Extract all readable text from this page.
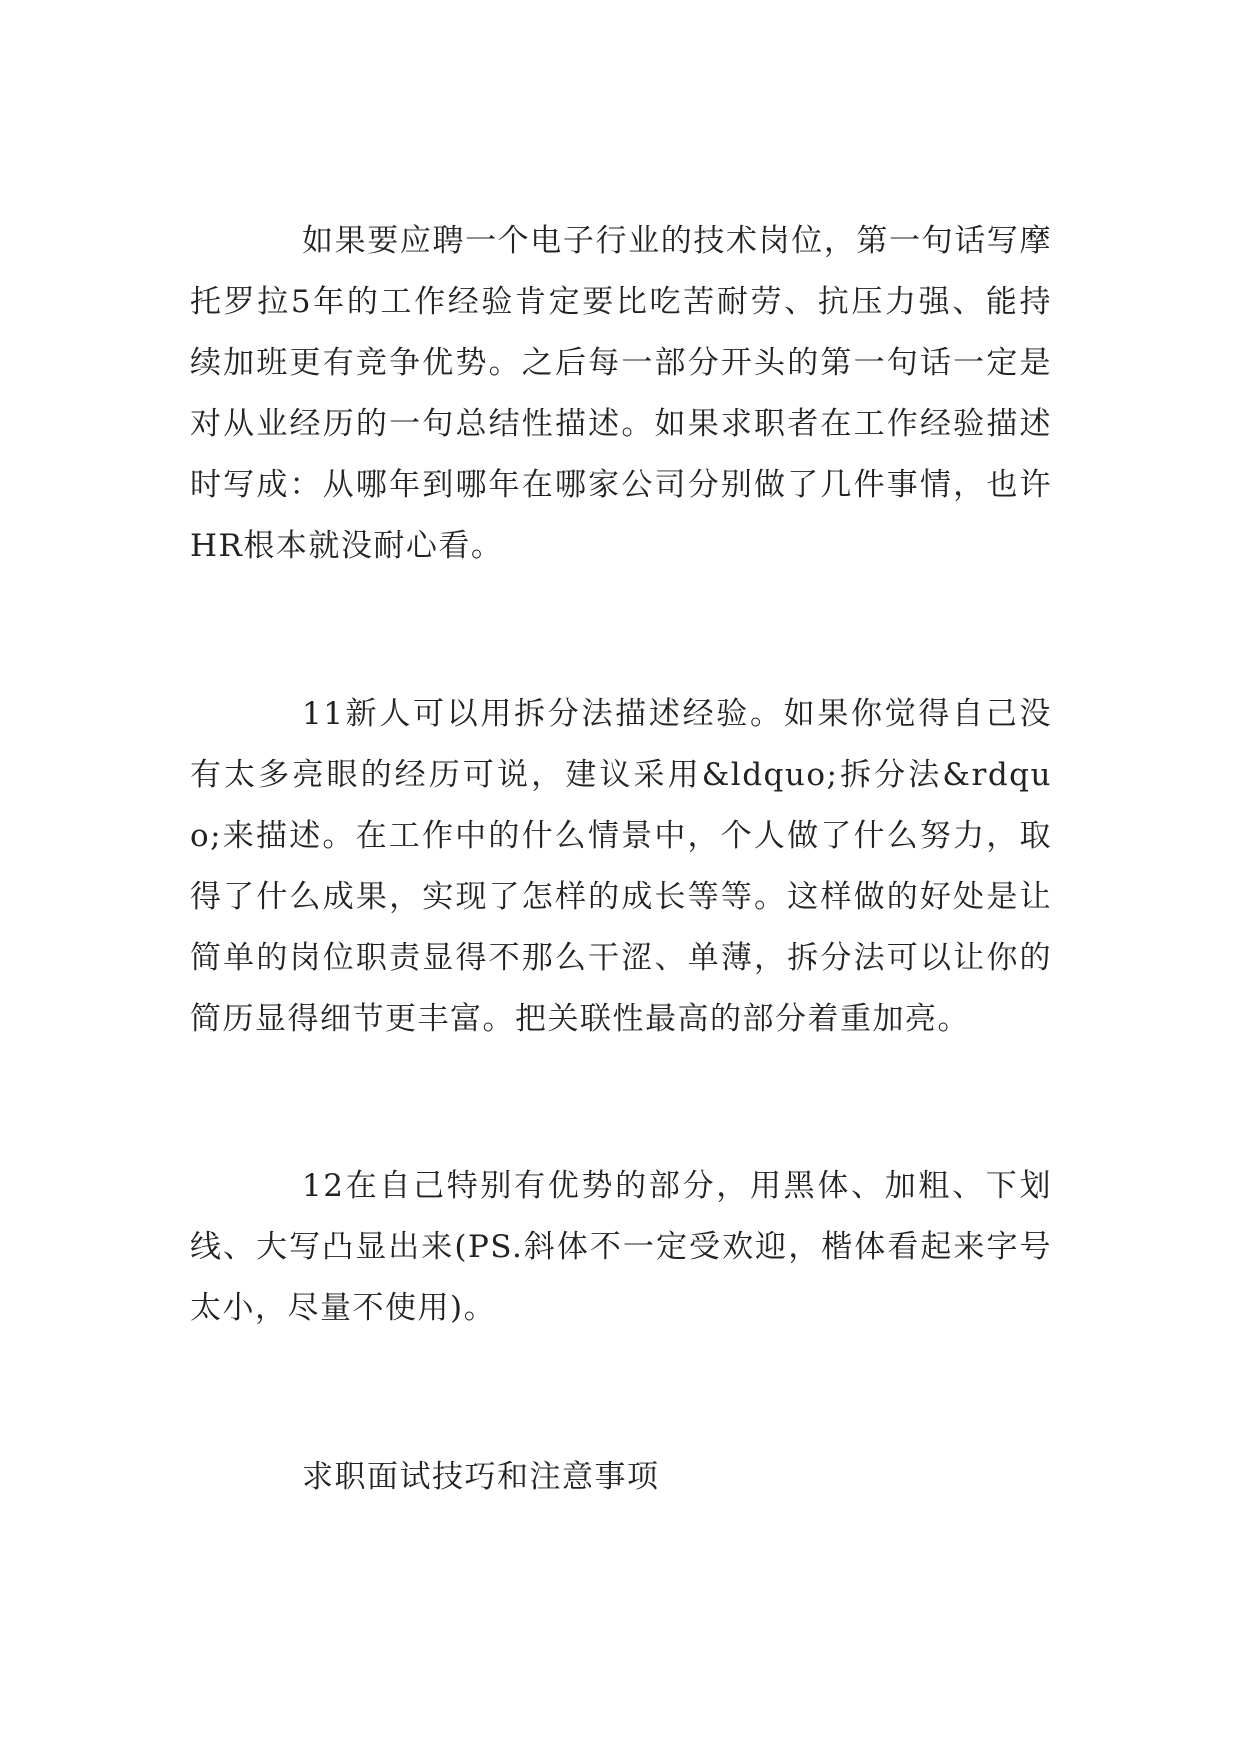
如果要应聘一个电子行业的技术岗位，第一句话写摩托罗拉5年的工作经验肯定要比吃苦耐劳、抗压力强、能持续加班更有竞争优势。之后每一部分开头的第一句话一定是对从业经历的一句总结性描述。如果求职者在工作经验描述时写成：从哪年到哪年在哪家公司分别做了几件事情，也许HR根本就没耐心看。

11新人可以用拆分法描述经验。如果你觉得自己没有太多亮眼的经历可说，建议采用&ldquo;拆分法&rdquo;来描述。在工作中的什么情景中，个人做了什么努力，取得了什么成果，实现了怎样的成长等等。这样做的好处是让简单的岗位职责显得不那么干涩、单薄，拆分法可以让你的简历显得细节更丰富。把关联性最高的部分着重加亮。

12在自己特别有优势的部分，用黑体、加粗、下划线、大写凸显出来(PS.斜体不一定受欢迎，楷体看起来字号太小，尽量不使用)。

求职面试技巧和注意事项
